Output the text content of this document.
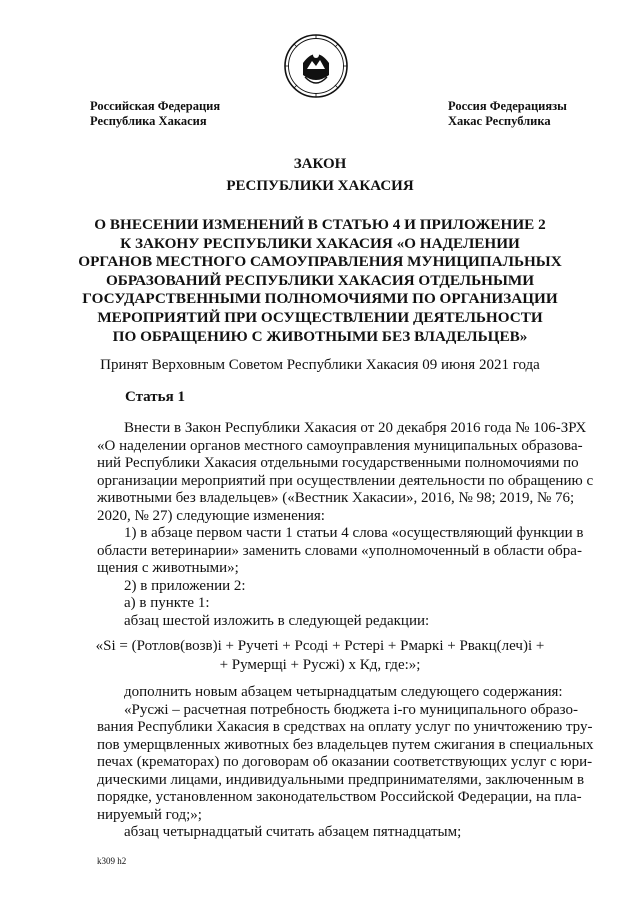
Российская Федерация
Республика Хакасия
Россия Федерациязы
Хакас Республика
ЗАКОН
РЕСПУБЛИКИ ХАКАСИЯ
О ВНЕСЕНИИ ИЗМЕНЕНИЙ В СТАТЬЮ 4 И ПРИЛОЖЕНИЕ 2
К ЗАКОНУ РЕСПУБЛИКИ ХАКАСИЯ «О НАДЕЛЕНИИ
ОРГАНОВ МЕСТНОГО САМОУПРАВЛЕНИЯ МУНИЦИПАЛЬНЫХ
ОБРАЗОВАНИЙ РЕСПУБЛИКИ ХАКАСИЯ ОТДЕЛЬНЫМИ
ГОСУДАРСТВЕННЫМИ ПОЛНОМОЧИЯМИ ПО ОРГАНИЗАЦИИ
МЕРОПРИЯТИЙ ПРИ ОСУЩЕСТВЛЕНИИ ДЕЯТЕЛЬНОСТИ
ПО ОБРАЩЕНИЮ С ЖИВОТНЫМИ БЕЗ ВЛАДЕЛЬЦЕВ»
Принят Верховным Советом Республики Хакасия 09 июня 2021 года
Статья 1
Внести в Закон Республики Хакасия от 20 декабря 2016 года № 106-ЗРХ
«О наделении органов местного самоуправления муниципальных образова-
ний Республики Хакасия отдельными государственными полномочиями по
организации мероприятий при осуществлении деятельности по обращению с
животными без владельцев» («Вестник Хакасии», 2016, № 98; 2019, № 76;
2020, № 27) следующие изменения:
1) в абзаце первом части 1 статьи 4 слова «осуществляющий функции в
области ветеринарии» заменить словами «уполномоченный в области обра-
щения с животными»;
2) в приложении 2:
а) в пункте 1:
абзац шестой изложить в следующей редакции:
«Si = (Ротлов(возв)i + Ручеті + Рсоді + Рстері + Рмаркі + Рвакц(леч)i +
+ Румерщі + Русжі) х Кд, где:»;
дополнить новым абзацем четырнадцатым следующего содержания:
«Русжі – расчетная потребность бюджета і-го муниципального образо-
вания Республики Хакасия в средствах на оплату услуг по уничтожению тру-
пов умерщвленных животных без владельцев путем сжигания в специальных
печах (крематорах) по договорам об оказании соответствующих услуг с юри-
дическими лицами, индивидуальными предпринимателями, заключенным в
порядке, установленном законодательством Российской Федерации, на пла-
нируемый год;»;
абзац четырнадцатый считать абзацем пятнадцатым;
k309 h2
